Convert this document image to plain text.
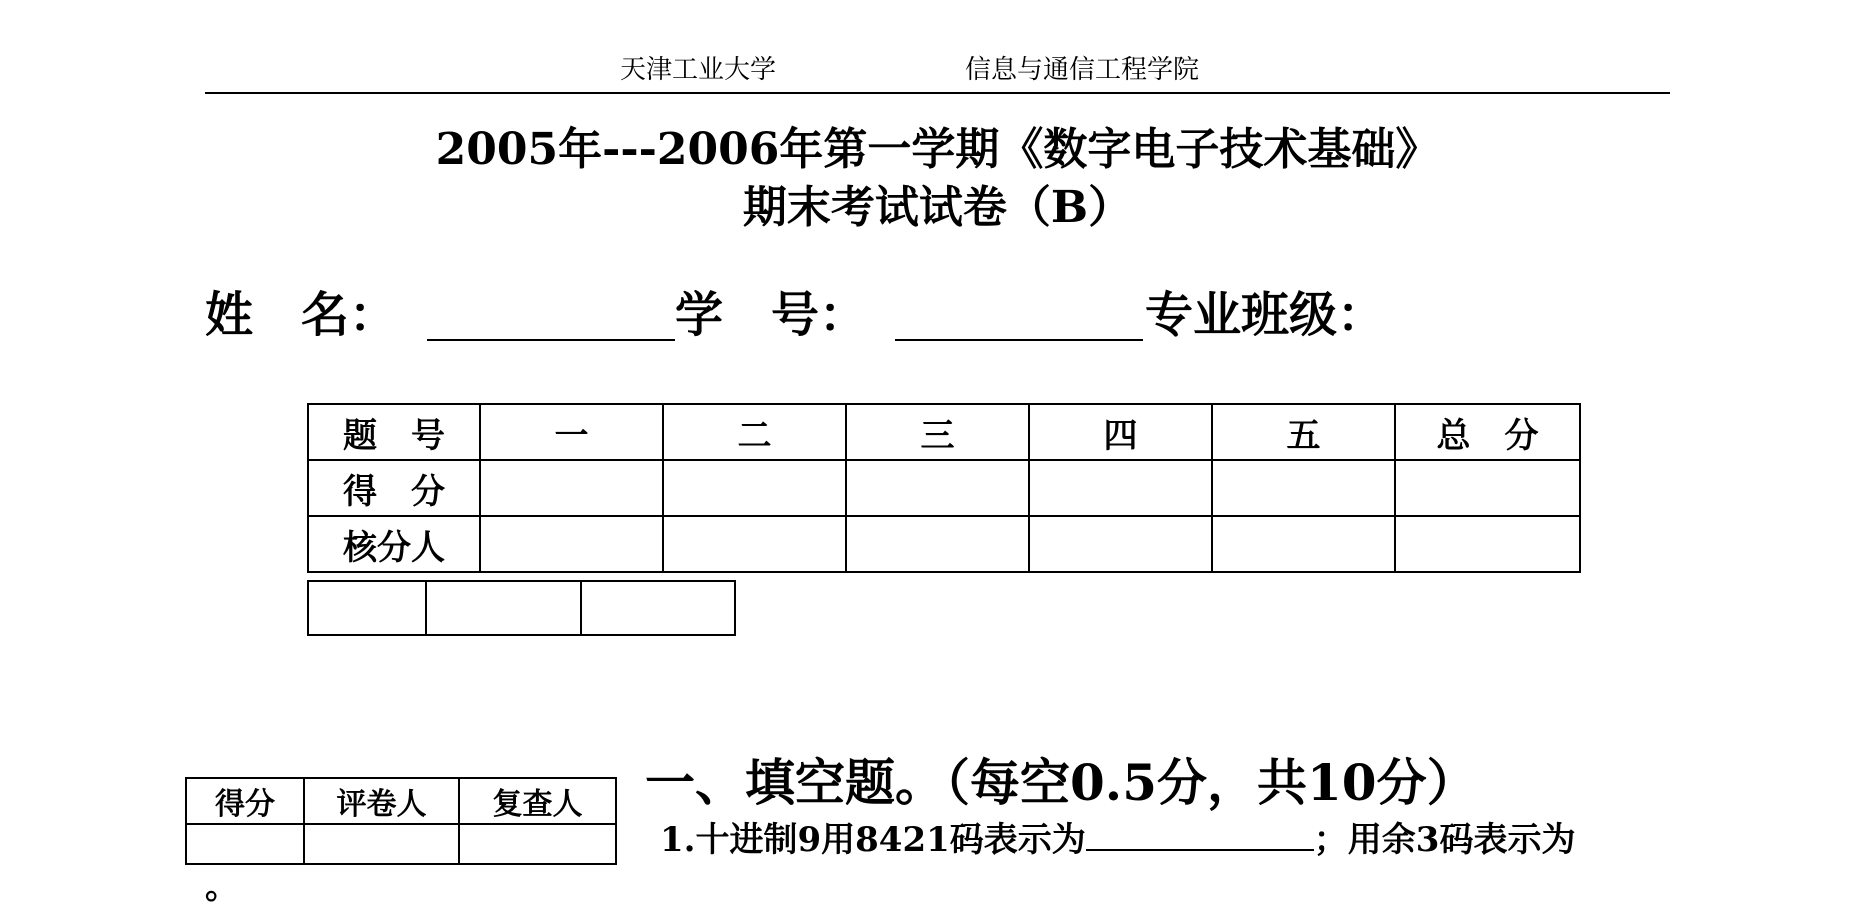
天津工业大学	信息与通信工程学院
2005年---2006年第一学期《数字电子技术基础》
期末考试试卷（B）
姓　名：	学　号：	专业班级：
题　号	一	二	三	四	五	总　分
得　分						
核分人						
得分	评卷人	复查人
		一、填空题。（每空0.5分，共10分）
1.十进制9用8421码表示为	；用余3码表示为
。
